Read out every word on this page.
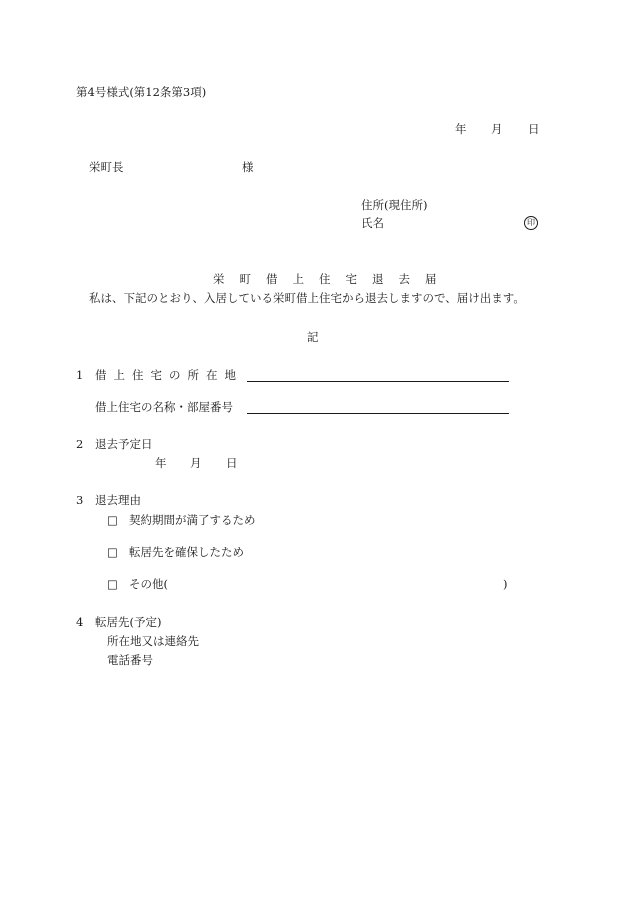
第4号様式(第12条第3項)
年 月 日
栄町長	様
住所(現住所)
氏名	印
栄町借上住宅退去届
私は、下記のとおり、入居している栄町借上住宅から退去しますので、届け出ます。
記
1 借上住宅の所在地
借上住宅の名称・部屋番号
2 退去予定日
年 月 日
3 退去理由
□ 契約期間が満了するため
□ 転居先を確保したため
□ その他(	)
4 転居先(予定)
所在地又は連絡先
電話番号
